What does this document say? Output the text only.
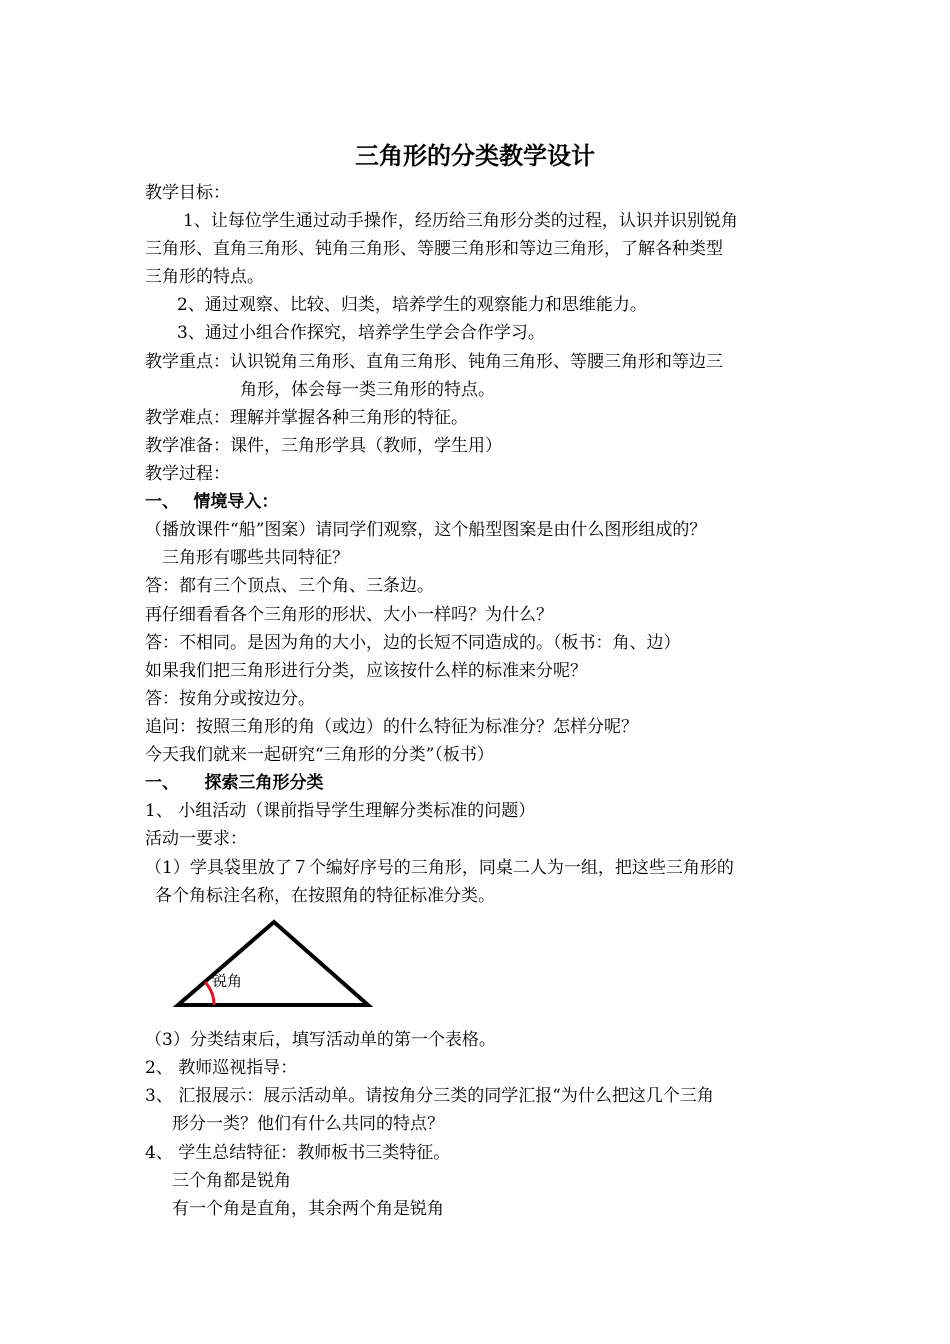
三角形的分类教学设计
教学目标：
1、让每位学生通过动手操作，经历给三角形分类的过程，认识并识别锐角
三角形、直角三角形、钝角三角形、等腰三角形和等边三角形，了解各种类型
三角形的特点。
2、通过观察、比较、归类，培养学生的观察能力和思维能力。
3、通过小组合作探究，培养学生学会合作学习。
教学重点：认识锐角三角形、直角三角形、钝角三角形、等腰三角形和等边三
角形，体会每一类三角形的特点。
教学难点：理解并掌握各种三角形的特征。
教学准备：课件，三角形学具（教师，学生用）
教学过程：
一、　 情境导入：
（播放课件“船”图案）请同学们观察，这个船型图案是由什么图形组成的？
三角形有哪些共同特征？
答：都有三个顶点、三个角、三条边。
再仔细看看各个三角形的形状、大小一样吗？为什么？
答：不相同。是因为角的大小，边的长短不同造成的。（板书：角、边）
如果我们把三角形进行分类，应该按什么样的标准来分呢？
答：按角分或按边分。
追问：按照三角形的角（或边）的什么特征为标准分？怎样分呢？
今天我们就来一起研究“三角形的分类”（板书）
一、　　探索三角形分类
1、 小组活动（课前指导学生理解分类标准的问题）
活动一要求：
（1）学具袋里放了７个编好序号的三角形，同桌二人为一组，把这些三角形的
各个角标注名称，在按照角的特征标准分类。
锐角
（3）分类结束后，填写活动单的第一个表格。
2、 教师巡视指导：
3、 汇报展示：展示活动单。请按角分三类的同学汇报“为什么把这几个三角
形分一类？他们有什么共同的特点？
4、 学生总结特征：教师板书三类特征。
三个角都是锐角
有一个角是直角，其余两个角是锐角
